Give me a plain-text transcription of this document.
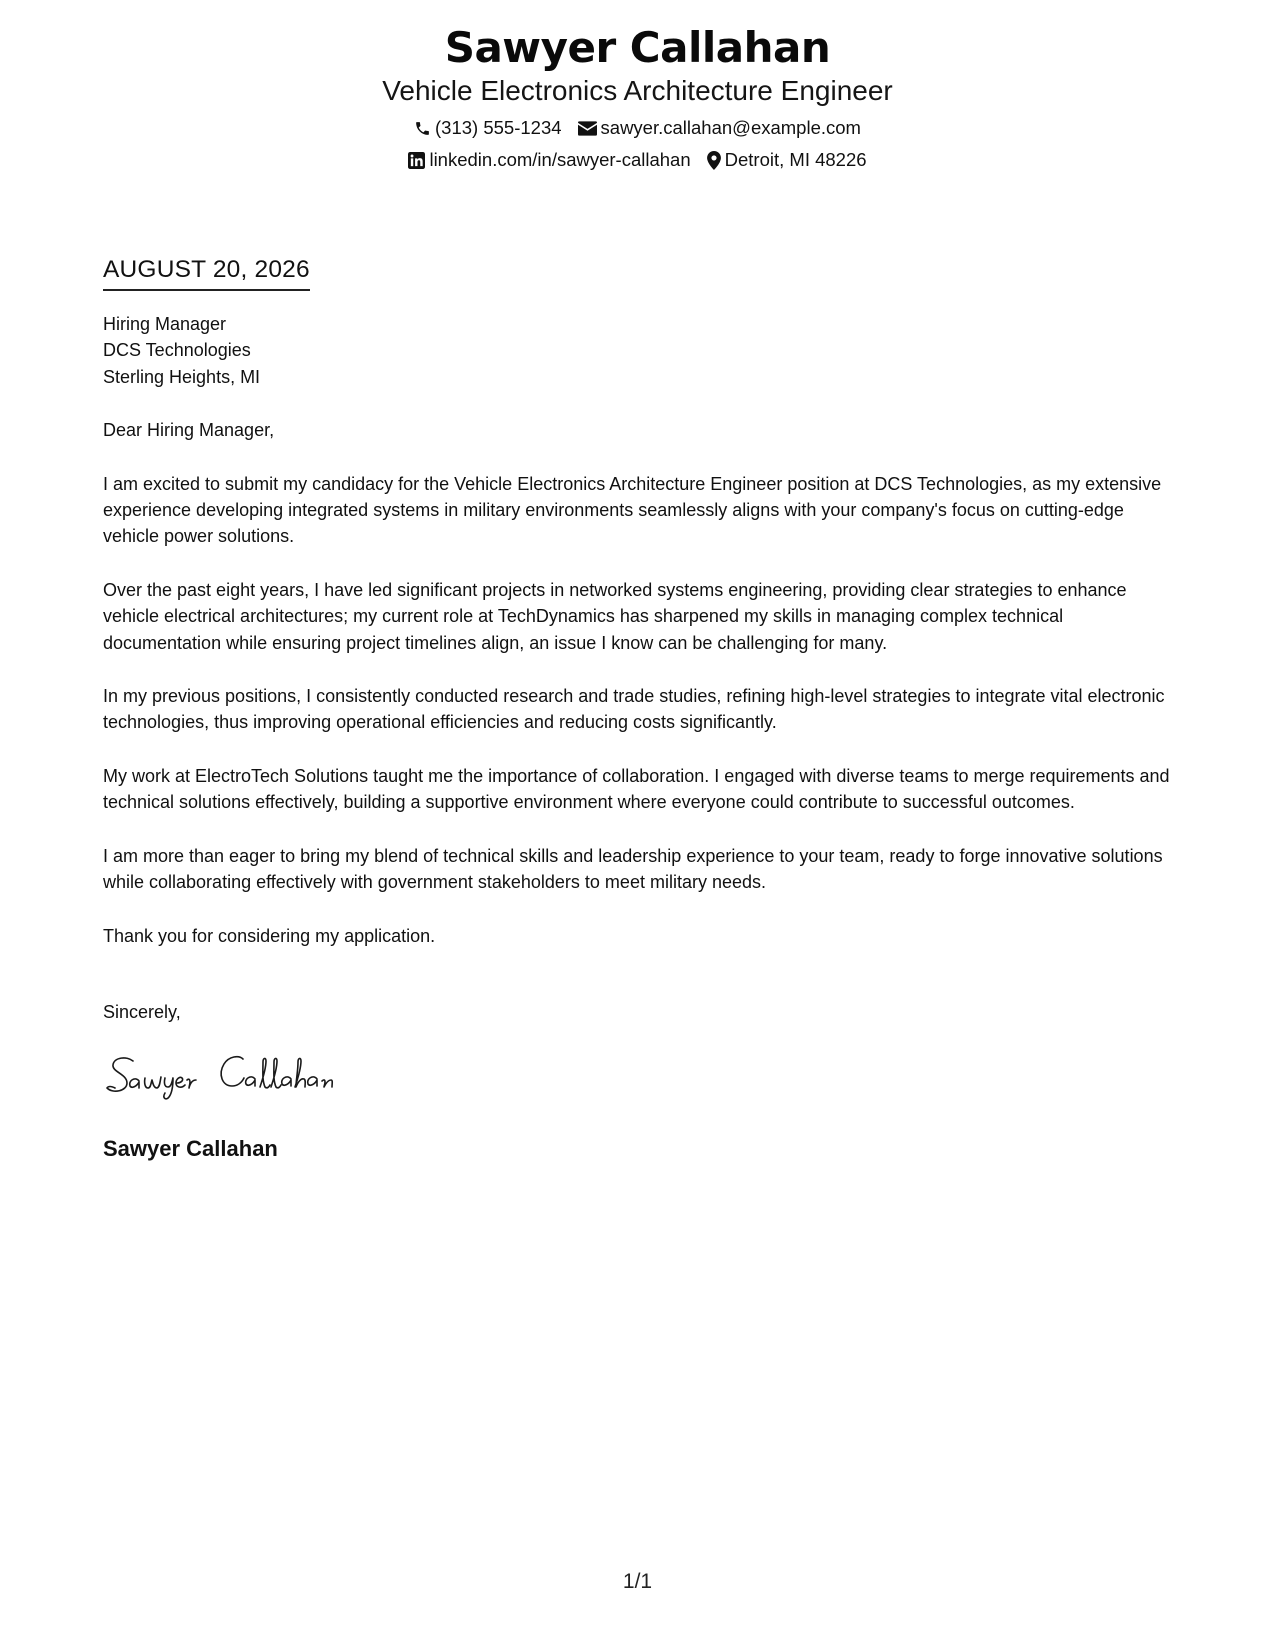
Sawyer Callahan
Vehicle Electronics Architecture Engineer
(313) 555-1234 sawyer.callahan@example.com
linkedin.com/in/sawyer-callahan Detroit, MI 48226
AUGUST 20, 2026
Hiring Manager
DCS Technologies
Sterling Heights, MI
Dear Hiring Manager,
I am excited to submit my candidacy for the Vehicle Electronics Architecture Engineer position at DCS Technologies, as my extensive experience developing integrated systems in military environments seamlessly aligns with your company's focus on cutting-edge vehicle power solutions.
Over the past eight years, I have led significant projects in networked systems engineering, providing clear strategies to enhance vehicle electrical architectures; my current role at TechDynamics has sharpened my skills in managing complex technical documentation while ensuring project timelines align, an issue I know can be challenging for many.
In my previous positions, I consistently conducted research and trade studies, refining high-level strategies to integrate vital electronic technologies, thus improving operational efficiencies and reducing costs significantly.
My work at ElectroTech Solutions taught me the importance of collaboration. I engaged with diverse teams to merge requirements and technical solutions effectively, building a supportive environment where everyone could contribute to successful outcomes.
I am more than eager to bring my blend of technical skills and leadership experience to your team, ready to forge innovative solutions while collaborating effectively with government stakeholders to meet military needs.
Thank you for considering my application.
Sincerely,
Sawyer Callahan
1/1
